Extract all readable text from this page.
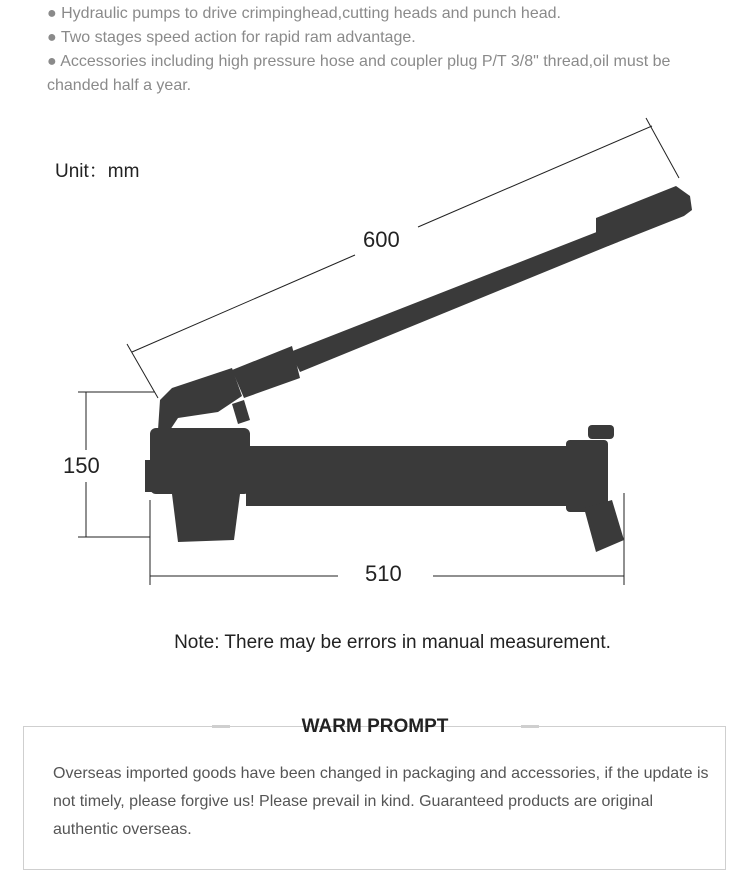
● Hydraulic pumps to drive crimpinghead,cutting heads and punch head.
● Two stages speed action for rapid ram advantage.
● Accessories including high pressure hose and coupler plug P/T 3/8" thread,oil must be chanded half a year.
Unit：mm
600
150
510
Note: There may be errors in manual measurement.
WARM PROMPT
Overseas imported goods have been changed in packaging and accessories, if the update is not timely, please forgive us! Please prevail in kind. Guaranteed products are original authentic overseas.
